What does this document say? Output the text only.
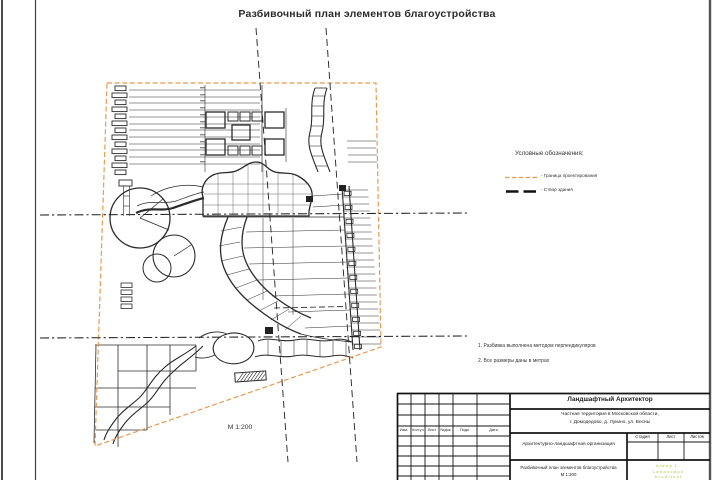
Разбивочный план элементов благоустройства
Условные обозначения:
- Граница проектирования
- Створ здания
1. Разбивка выполнена методом перпендикуляров
2. Все размеры даны в метрах
М 1:200
Ландшафтный Архитектор
Частная территория в Московской области,
г. Домодедово, д. Лукино, ул. Весны
Архитектурно-ландшафтная организация
Изм.	Кол.уч	Лист	№док.	Подп.	Дата
Стадия	Лист	Листов
Разбивочный план элементов благоустройства
М 1:200
Alana L.
Landscape
Architect
